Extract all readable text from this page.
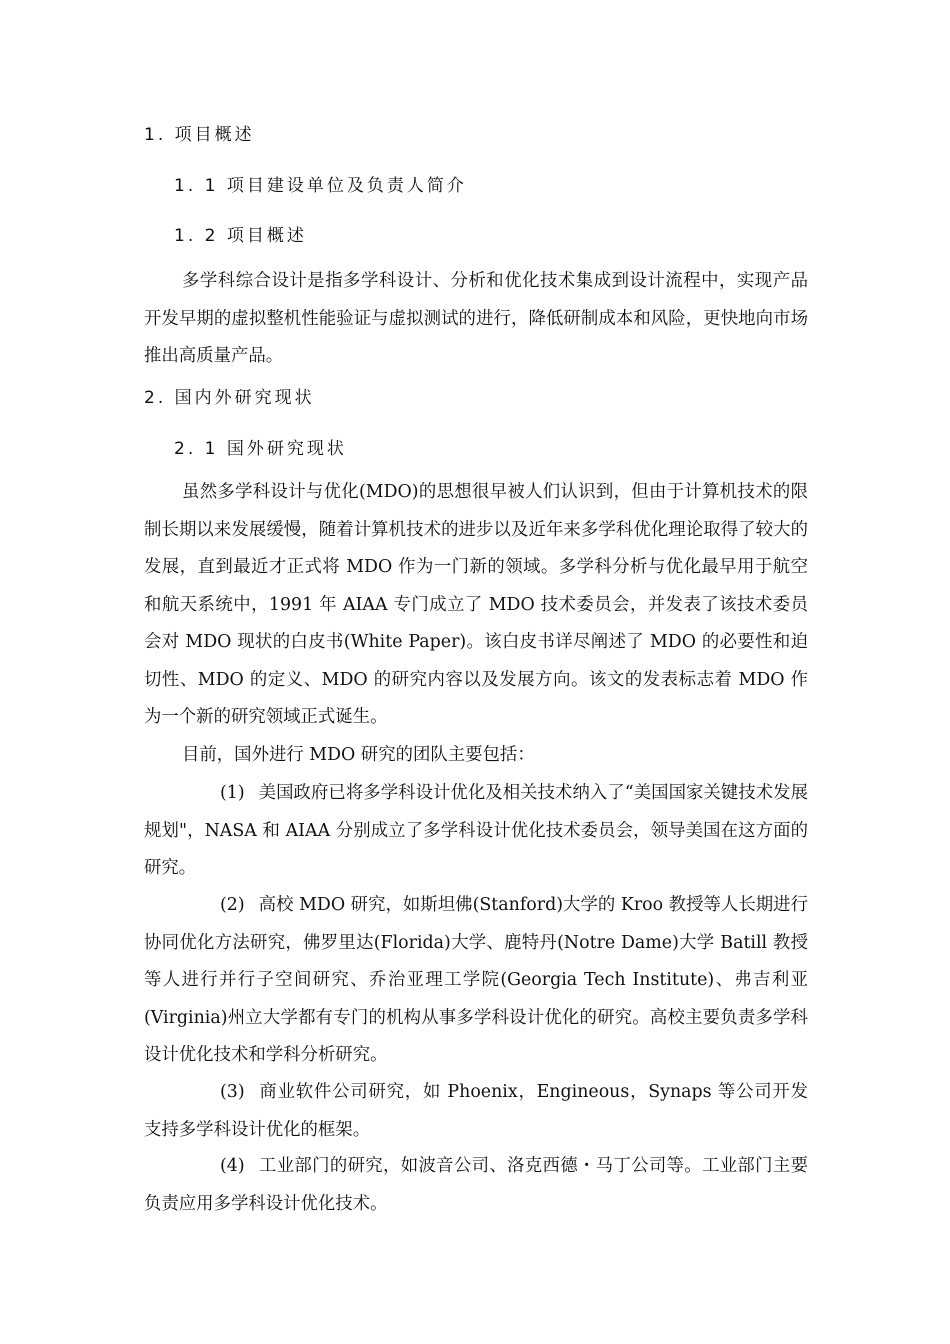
1. 项目概述
1. 1 项目建设单位及负责人简介
1. 2 项目概述
多学科综合设计是指多学科设计、分析和优化技术集成到设计流程中，实现产品开发早期的虚拟整机性能验证与虚拟测试的进行，降低研制成本和风险，更快地向市场推出高质量产品。
2. 国内外研究现状
2. 1 国外研究现状
虽然多学科设计与优化(MDO)的思想很早被人们认识到，但由于计算机技术的限制长期以来发展缓慢，随着计算机技术的进步以及近年来多学科优化理论取得了较大的发展，直到最近才正式将 MDO 作为一门新的领域。多学科分析与优化最早用于航空和航天系统中，1991 年 AIAA 专门成立了 MDO 技术委员会，并发表了该技术委员会对 MDO 现状的白皮书(White Paper)。该白皮书详尽阐述了 MDO 的必要性和迫切性、MDO 的定义、MDO 的研究内容以及发展方向。该文的发表标志着 MDO 作为一个新的研究领域正式诞生。
目前，国外进行 MDO 研究的团队主要包括：
(1) 美国政府已将多学科设计优化及相关技术纳入了“美国国家关键技术发展规划"，NASA 和 AIAA 分别成立了多学科设计优化技术委员会，领导美国在这方面的研究。
(2) 高校 MDO 研究，如斯坦佛(Stanford)大学的 Kroo 教授等人长期进行协同优化方法研究，佛罗里达(Florida)大学、鹿特丹(Notre Dame)大学 Batill 教授等人进行并行子空间研究、乔治亚理工学院(Georgia Tech Institute)、弗吉利亚(Virginia)州立大学都有专门的机构从事多学科设计优化的研究。高校主要负责多学科设计优化技术和学科分析研究。
(3) 商业软件公司研究，如 Phoenix，Engineous，Synaps 等公司开发支持多学科设计优化的框架。
(4) 工业部门的研究，如波音公司、洛克西德・马丁公司等。工业部门主要负责应用多学科设计优化技术。
